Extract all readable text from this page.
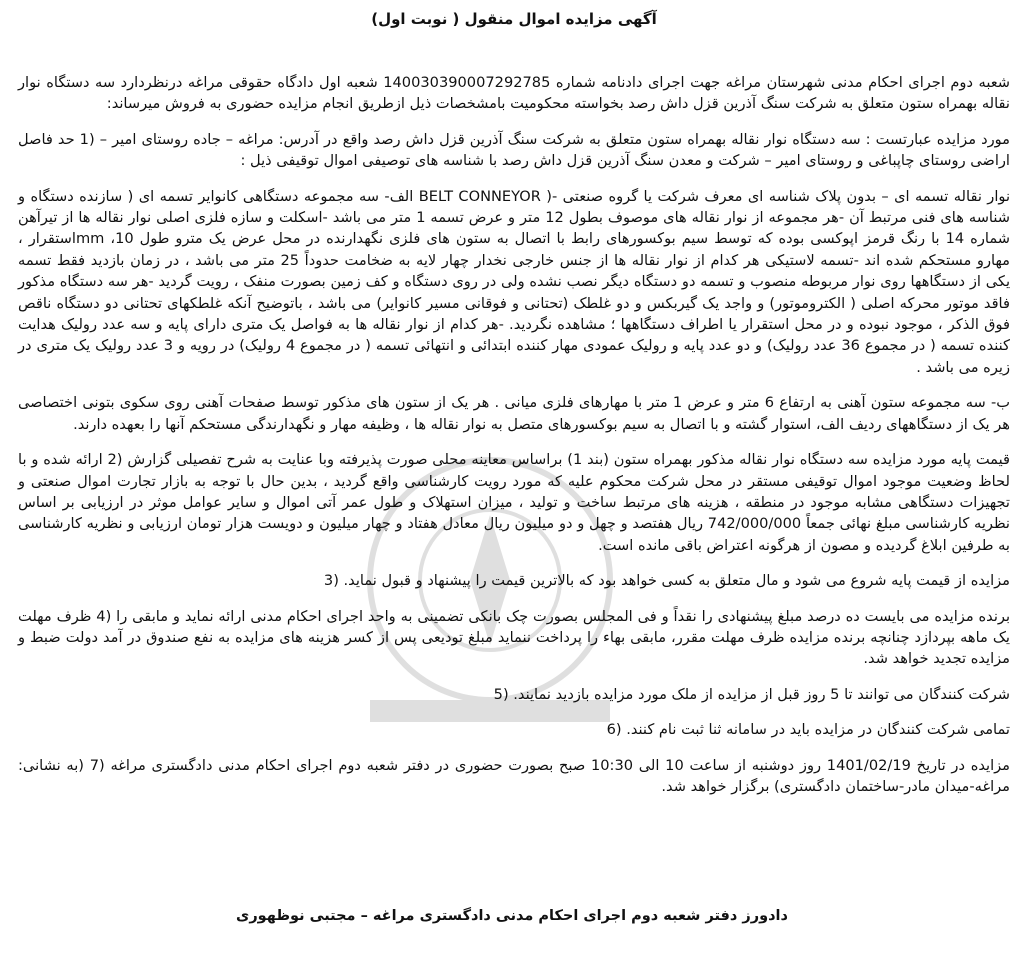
آگهی مزایده اموال منقول ( نوبت اول)

شعبه دوم اجرای احکام مدنی شهرستان مراغه جهت اجرای دادنامه شماره 140030390007292785 شعبه اول دادگاه حقوقی مراغه درنظردارد سه دستگاه نوار نقاله بهمراه ستون متعلق به شرکت سنگ آذرین قزل داش رصد بخواسته محکومیت بامشخصات ذیل ازطریق انجام مزایده حضوری به فروش میرساند:

مورد مزایده عبارتست : سه دستگاه نوار نقاله بهمراه ستون متعلق به شرکت سنگ آذرین قزل داش رصد واقع در آدرس: مراغه – جاده روستای امیر – (1 حد فاصل اراضی روستای چاپباغی و روستای امیر – شرکت و معدن سنگ آذرین قزل داش رصد با شناسه های توصیفی اموال توقیفی ذیل :

نوار نقاله تسمه ای – بدون پلاک شناسه ای معرف شرکت یا گروه صنعتی -( BELT CONNEYOR الف- سه مجموعه دستگاهی کانوایر تسمه ای ( سازنده دستگاه و شناسه های فنی مرتبط آن -هر مجموعه از نوار نقاله های موصوف بطول 12 متر و عرض تسمه 1 متر می باشد -اسکلت و سازه فلزی اصلی نوار نقاله ها از تیرآهن شماره 14 با رنگ قرمز اپوکسی بوده که توسط سیم بوکسورهای رابط با اتصال به ستون های فلزی نگهدارنده در محل عرض یک مترو طول 10، mmاستقرار ، مهارو مستحکم شده اند -تسمه لاستیکی هر کدام از نوار نقاله ها از جنس خارجی نخدار چهار لایه به ضخامت حدوداً 25 متر می باشد ، در زمان بازدید فقط تسمه یکی از دستگاهها روی نوار مربوطه منصوب و تسمه دو دستگاه دیگر نصب نشده ولی در روی دستگاه و کف زمین بصورت منفک ، رویت گردید -هر سه دستگاه مذکور فاقد موتور محرکه اصلی ( الکتروموتور) و واجد یک گیربکس و دو غلطک (تحتانی و فوقانی مسیر کانوایر) می باشد ، باتوضیح آنکه غلطکهای تحتانی دو دستگاه ناقص فوق الذکر ، موجود نبوده و در محل استقرار یا اطراف دستگاهها ؛ مشاهده نگردید. -هر کدام از نوار نقاله ها به فواصل یک متری دارای پایه و سه عدد رولیک هدایت کننده تسمه ( در مجموع 36 عدد رولیک) و دو عدد پایه و رولیک عمودی مهار کننده ابتدائی و انتهائی تسمه ( در مجموع 4 رولیک) در رویه و 3 عدد رولیک یک متری در زیره می باشد .

ب- سه مجموعه ستون آهنی به ارتفاع 6 متر و عرض 1 متر با مهارهای فلزی میانی . هر یک از ستون های مذکور توسط صفحات آهنی روی سکوی بتونی اختصاصی هر یک از دستگاههای ردیف الف، استوار گشته و با اتصال به سیم بوکسورهای متصل به نوار نقاله ها ، وظیفه مهار و نگهدارندگی مستحکم آنها را بعهده دارند.

قیمت پایه مورد مزایده سه دستگاه نوار نقاله مذکور بهمراه ستون (بند 1) براساس معاینه محلی صورت پذیرفته وبا عنایت به شرح تفصیلی گزارش (2 ارائه شده و با لحاظ وضعیت موجود اموال توقیفی مستقر در محل شرکت محکوم علیه که مورد رویت کارشناسی واقع گردید ، بدین حال با توجه به بازار تجارت اموال صنعتی و تجهیزات دستگاهی مشابه موجود در منطقه ، هزینه های مرتبط ساخت و تولید ، میزان استهلاک و طول عمر آتی اموال و سایر عوامل موثر در ارزیابی بر اساس نظریه کارشناسی مبلغ نهائی جمعاً 742/000/000 ریال هفتصد و چهل و دو میلیون ریال معادل هفتاد و چهار میلیون و دویست هزار تومان ارزیابی و نظریه کارشناسی به طرفین ابلاغ گردیده و مصون از هرگونه اعتراض باقی مانده است.

مزایده از قیمت پایه شروع می شود و مال متعلق به کسی خواهد بود که بالاترین قیمت را پیشنهاد و قبول نماید. (3

برنده مزایده می بایست ده درصد مبلغ پیشنهادی را نقداً و فی المجلس بصورت چک بانکی تضمینی به واحد اجرای احکام مدنی ارائه نماید و مابقی را (4 ظرف مهلت یک ماهه بپردازد چنانچه برنده مزایده ظرف مهلت مقرر، مابقی بهاء را پرداخت ننماید مبلغ تودیعی پس از کسر هزینه های مزایده به نفع صندوق در آمد دولت ضبط و مزایده تجدید خواهد شد.

شرکت کنندگان می توانند تا 5 روز قبل از مزایده از ملک مورد مزایده بازدید نمایند. (5

تمامی شرکت کنندگان در مزایده باید در سامانه ثنا ثبت نام کنند. (6

مزایده در تاریخ 1401/02/19 روز دوشنبه از ساعت 10 الی 10:30 صبح بصورت حضوری در دفتر شعبه دوم اجرای احکام مدنی دادگستری مراغه (7 (به نشانی: مراغه-میدان مادر-ساختمان دادگستری) برگزار خواهد شد.

دادورز دفتر شعبه دوم اجرای احکام مدنی دادگستری مراغه – مجتبی نوظهوری
